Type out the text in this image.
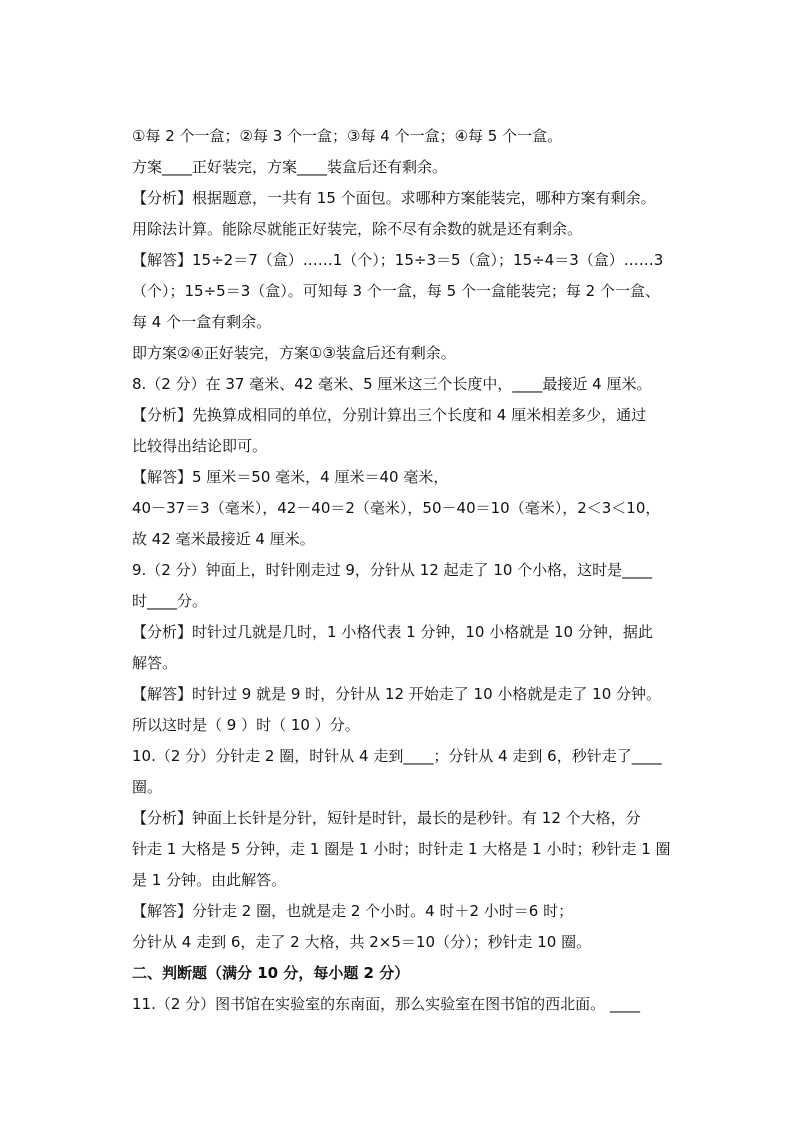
①每 2 个一盒；②每 3 个一盒；③每 4 个一盒；④每 5 个一盒。
方案____正好装完，方案____装盒后还有剩余。
【分析】根据题意，一共有 15 个面包。求哪种方案能装完，哪种方案有剩余。
用除法计算。能除尽就能正好装完，除不尽有余数的就是还有剩余。
【解答】15÷2＝7（盒）……1（个）；15÷3＝5（盒）；15÷4＝3（盒）……3
（个）；15÷5＝3（盒）。可知每 3 个一盒，每 5 个一盒能装完；每 2 个一盒、
每 4 个一盒有剩余。
即方案②④正好装完，方案①③装盒后还有剩余。
8.（2 分）在 37 毫米、42 毫米、5 厘米这三个长度中，____最接近 4 厘米。
【分析】先换算成相同的单位，分别计算出三个长度和 4 厘米相差多少，通过
比较得出结论即可。
【解答】5 厘米＝50 毫米，4 厘米＝40 毫米，
40－37＝3（毫米），42－40＝2（毫米），50－40＝10（毫米），2＜3＜10，
故 42 毫米最接近 4 厘米。
9.（2 分）钟面上，时针刚走过 9，分针从 12 起走了 10 个小格，这时是____
时____分。
【分析】时针过几就是几时，1 小格代表 1 分钟，10 小格就是 10 分钟，据此
解答。
【解答】时针过 9 就是 9 时，分针从 12 开始走了 10 小格就是走了 10 分钟。
所以这时是（ 9 ）时（ 10 ）分。
10.（2 分）分针走 2 圈，时针从 4 走到____；分针从 4 走到 6，秒针走了____
圈。
【分析】钟面上长针是分针，短针是时针，最长的是秒针。有 12 个大格，分
针走 1 大格是 5 分钟，走 1 圈是 1 小时；时针走 1 大格是 1 小时；秒针走 1 圈
是 1 分钟。由此解答。
【解答】分针走 2 圈，也就是走 2 个小时。4 时＋2 小时＝6 时；
分针从 4 走到 6，走了 2 大格，共 2×5＝10（分）；秒针走 10 圈。
二、判断题（满分 10 分，每小题 2 分）
11.（2 分）图书馆在实验室的东南面，那么实验室在图书馆的西北面。 ____
